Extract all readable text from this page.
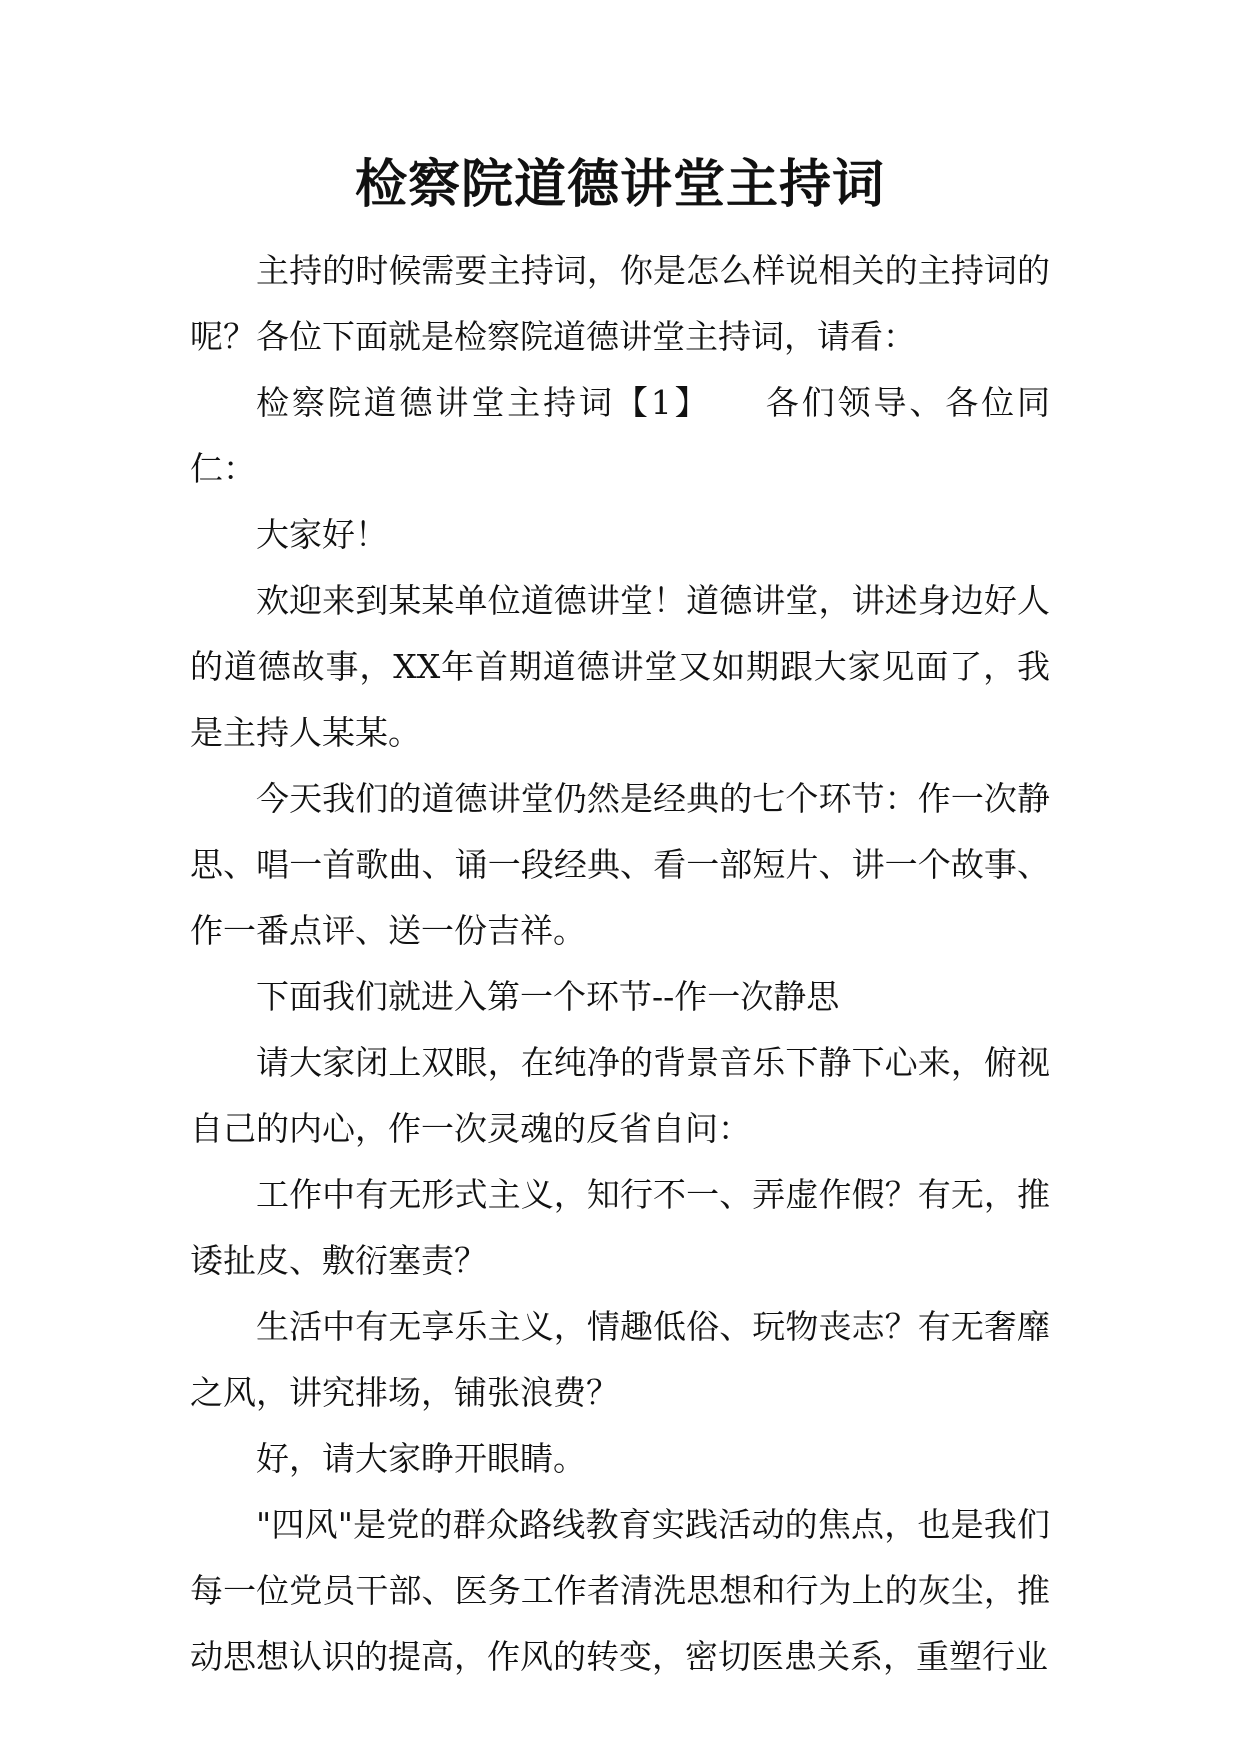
检察院道德讲堂主持词

主持的时候需要主持词，你是怎么样说相关的主持词的呢？各位下面就是检察院道德讲堂主持词，请看：

检察院道德讲堂主持词【1】　　各们领导、各位同仁：

大家好！

欢迎来到某某单位道德讲堂！道德讲堂，讲述身边好人的道德故事，XX年首期道德讲堂又如期跟大家见面了，我是主持人某某。

今天我们的道德讲堂仍然是经典的七个环节：作一次静思、唱一首歌曲、诵一段经典、看一部短片、讲一个故事、作一番点评、送一份吉祥。

下面我们就进入第一个环节--作一次静思

请大家闭上双眼，在纯净的背景音乐下静下心来，俯视自己的内心，作一次灵魂的反省自问：

工作中有无形式主义，知行不一、弄虚作假？有无，推诿扯皮、敷衍塞责？

生活中有无享乐主义，情趣低俗、玩物丧志？有无奢靡之风，讲究排场，铺张浪费？

好，请大家睁开眼睛。

"四风"是党的群众路线教育实践活动的焦点，也是我们每一位党员干部、医务工作者清洗思想和行为上的灰尘，推动思想认识的提高，作风的转变，密切医患关系，重塑行业
